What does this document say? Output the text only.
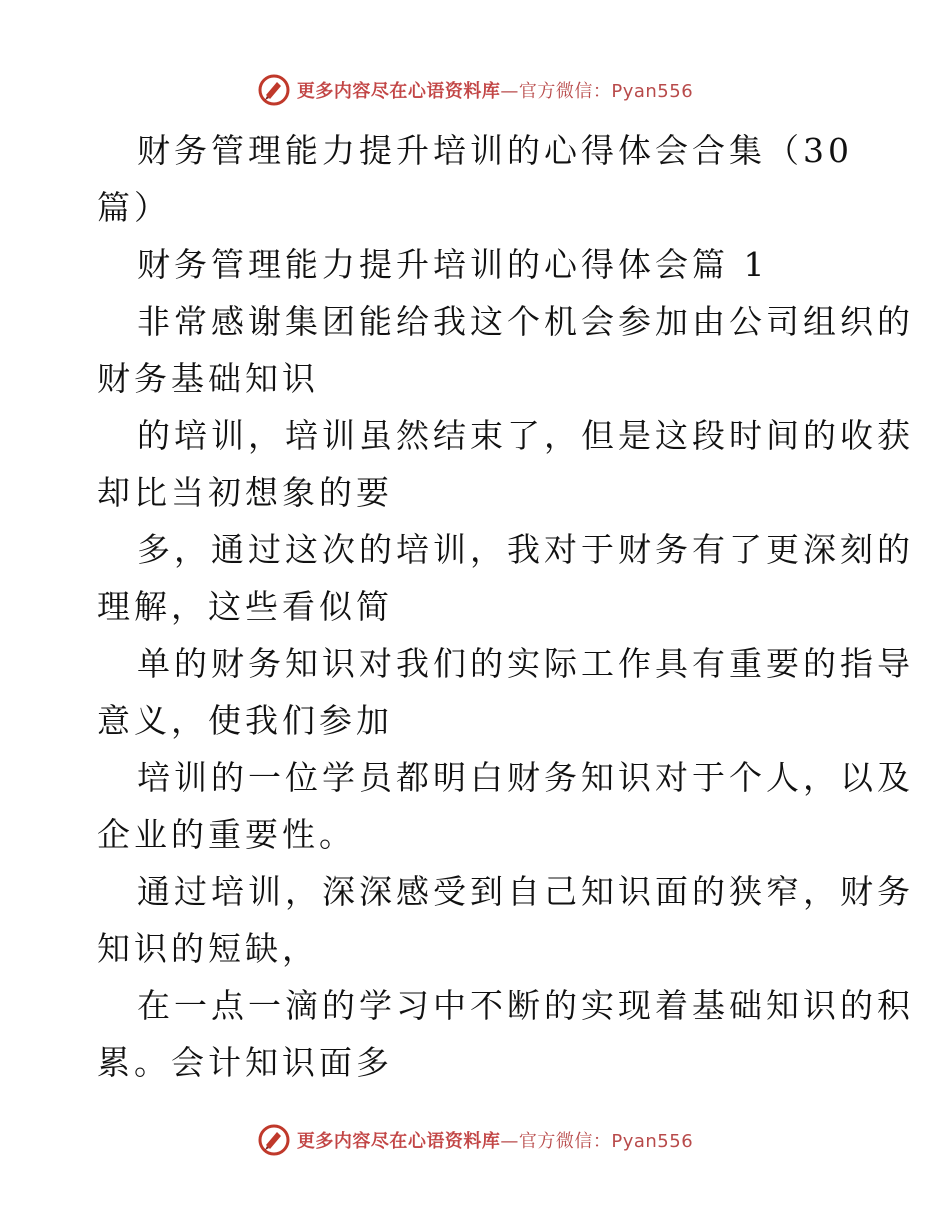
更多内容尽在心语资料库—官方微信：Pyan556

财务管理能力提升培训的心得体会合集（30

篇）

财务管理能力提升培训的心得体会篇 1

非常感谢集团能给我这个机会参加由公司组织的

财务基础知识

的培训，培训虽然结束了，但是这段时间的收获

却比当初想象的要

多，通过这次的培训，我对于财务有了更深刻的

理解，这些看似简

单的财务知识对我们的实际工作具有重要的指导

意义，使我们参加

培训的一位学员都明白财务知识对于个人，以及

企业的重要性。

通过培训，深深感受到自己知识面的狭窄，财务

知识的短缺，

在一点一滴的学习中不断的实现着基础知识的积

累。会计知识面多

更多内容尽在心语资料库—官方微信：Pyan556
